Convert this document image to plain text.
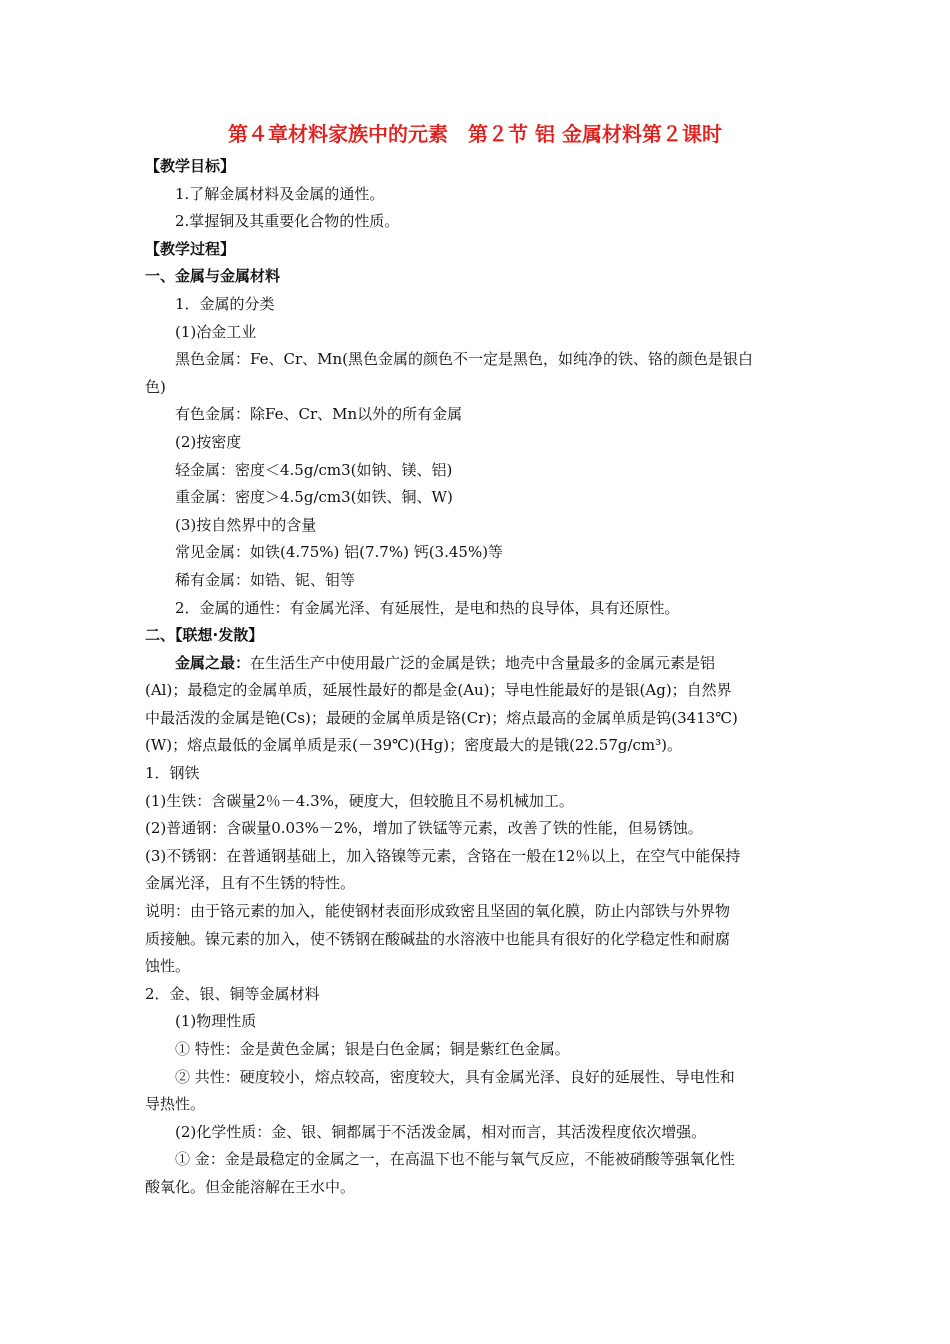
第４章材料家族中的元素　第２节 铝 金属材料第２课时
【教学目标】
1.了解金属材料及金属的通性。
2.掌握铜及其重要化合物的性质。
【教学过程】
一、金属与金属材料
1．金属的分类
(1)冶金工业
黑色金属：Fe、Cr、Mn(黑色金属的颜色不一定是黑色，如纯净的铁、铬的颜色是银白
色)
有色金属：除Fe、Cr、Mn以外的所有金属
(2)按密度
轻金属：密度＜4.5g/cm3(如钠、镁、铝)
重金属：密度＞4.5g/cm3(如铁、铜、W)
(3)按自然界中的含量
常见金属：如铁(4.75%) 铝(7.7%) 钙(3.45%)等
稀有金属：如锆、铌、钼等
2．金属的通性：有金属光泽、有延展性，是电和热的良导体，具有还原性。
二、【联想·发散】
金属之最：在生活生产中使用最广泛的金属是铁；地壳中含量最多的金属元素是铝
(Al)；最稳定的金属单质，延展性最好的都是金(Au)；导电性能最好的是银(Ag)；自然界
中最活泼的金属是铯(Cs)；最硬的金属单质是铬(Cr)；熔点最高的金属单质是钨(3413℃)
(W)；熔点最低的金属单质是汞(－39℃)(Hg)；密度最大的是锇(22.57g/cm³)。
1．钢铁
(1)生铁：含碳量2％－4.3%，硬度大，但较脆且不易机械加工。
(2)普通钢：含碳量0.03%－2%，增加了铁锰等元素，改善了铁的性能，但易锈蚀。
(3)不锈钢：在普通钢基础上，加入铬镍等元素，含铬在一般在12％以上，在空气中能保持
金属光泽，且有不生锈的特性。
说明：由于铬元素的加入，能使钢材表面形成致密且坚固的氧化膜，防止内部铁与外界物
质接触。镍元素的加入，使不锈钢在酸碱盐的水溶液中也能具有很好的化学稳定性和耐腐
蚀性。
2．金、银、铜等金属材料
(1)物理性质
① 特性：金是黄色金属；银是白色金属；铜是紫红色金属。
② 共性：硬度较小，熔点较高，密度较大，具有金属光泽、良好的延展性、导电性和
导热性。
(2)化学性质：金、银、铜都属于不活泼金属，相对而言，其活泼程度依次增强。
① 金：金是最稳定的金属之一，在高温下也不能与氧气反应，不能被硝酸等强氧化性
酸氧化。但金能溶解在王水中。
